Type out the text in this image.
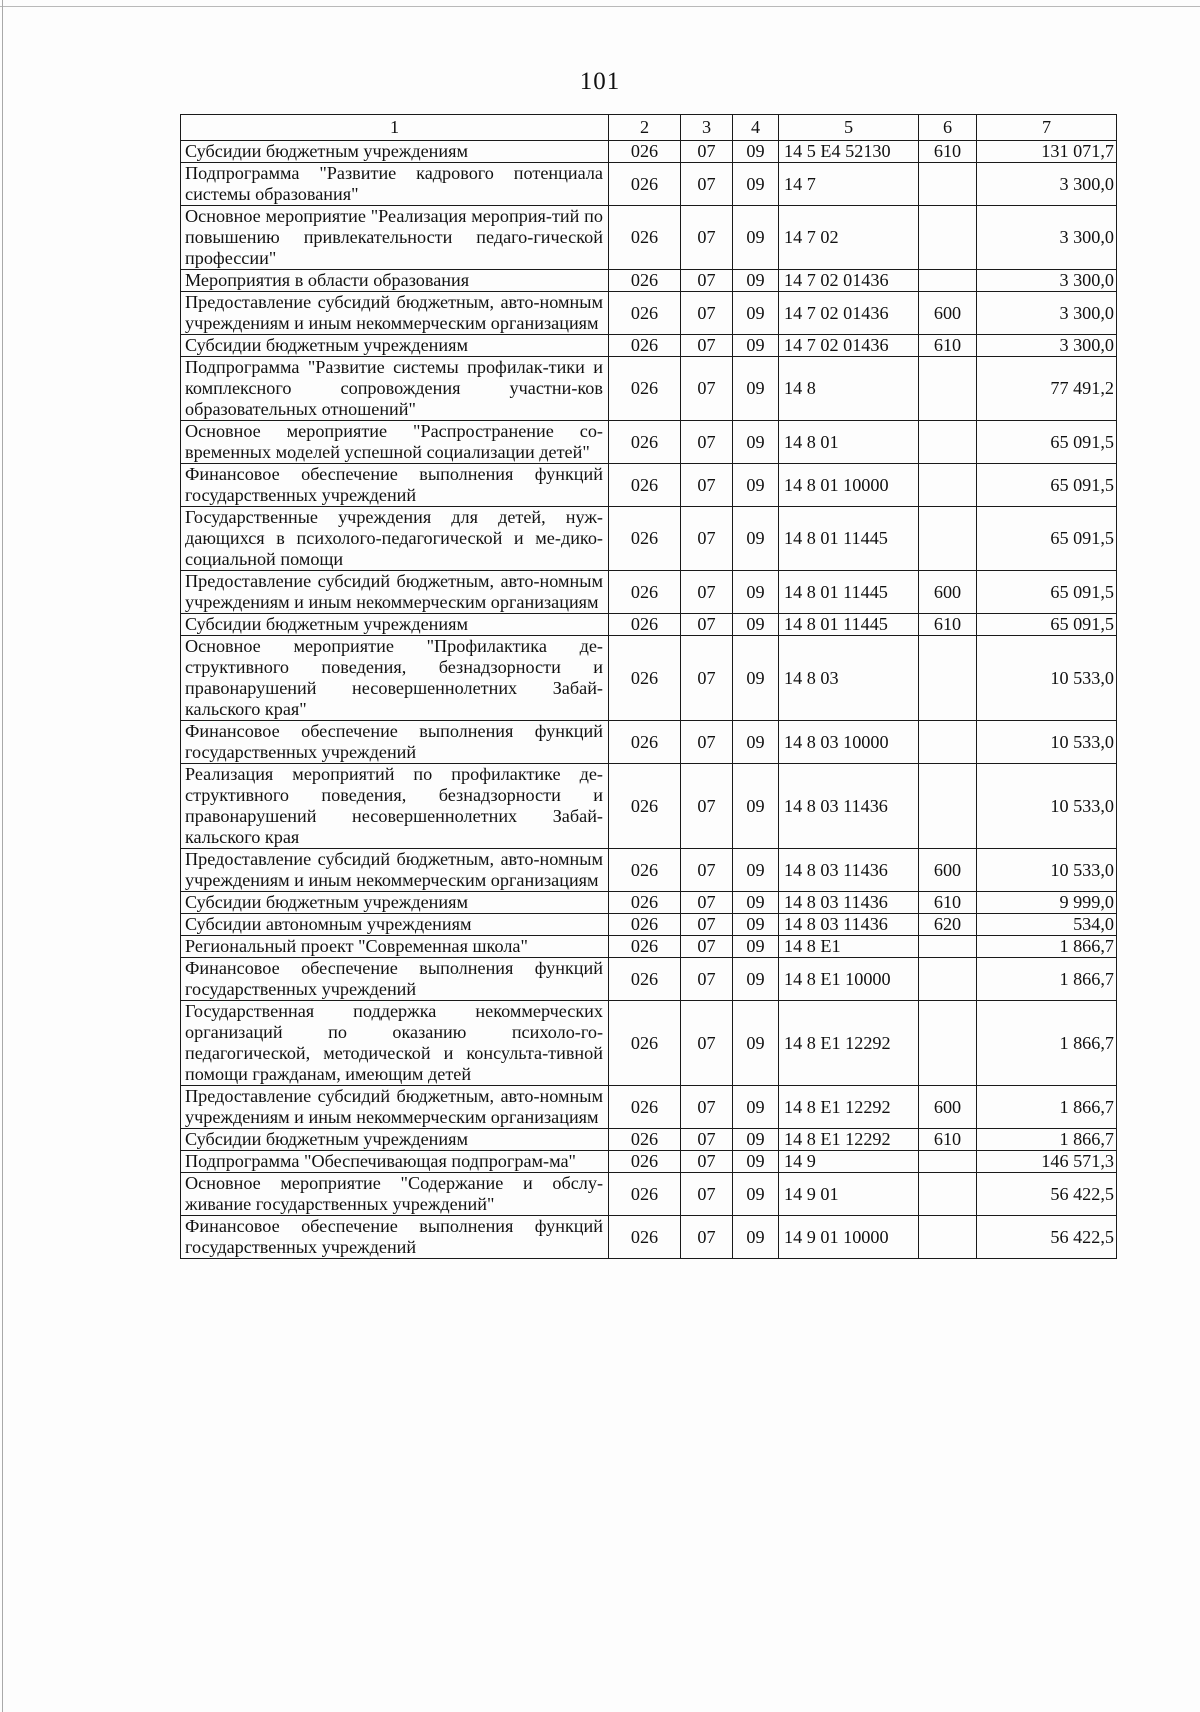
101
1	2	3	4	5	6	7
Субсидии бюджетным учреждениям	026	07	09	14 5 E4 52130	610	131 071,7
Подпрограмма "Развитие кадрового потенциала системы образования"	026	07	09	14 7		3 300,0
Основное мероприятие "Реализация мероприя-тий по повышению привлекательности педаго-гической профессии"	026	07	09	14 7 02		3 300,0
Мероприятия в области образования	026	07	09	14 7 02 01436		3 300,0
Предоставление субсидий бюджетным, авто-номным учреждениям и иным некоммерческим организациям	026	07	09	14 7 02 01436	600	3 300,0
Субсидии бюджетным учреждениям	026	07	09	14 7 02 01436	610	3 300,0
Подпрограмма "Развитие системы профилак-тики и комплексного сопровождения участни-ков образовательных отношений"	026	07	09	14 8		77 491,2
Основное мероприятие "Распространение со-временных моделей успешной социализации детей"	026	07	09	14 8 01		65 091,5
Финансовое обеспечение выполнения функций государственных учреждений	026	07	09	14 8 01 10000		65 091,5
Государственные учреждения для детей, нуж-дающихся в психолого-педагогической и ме-дико-социальной помощи	026	07	09	14 8 01 11445		65 091,5
Предоставление субсидий бюджетным, авто-номным учреждениям и иным некоммерческим организациям	026	07	09	14 8 01 11445	600	65 091,5
Субсидии бюджетным учреждениям	026	07	09	14 8 01 11445	610	65 091,5
Основное мероприятие "Профилактика де-структивного поведения, безнадзорности и правонарушений несовершеннолетних Забай-кальского края"	026	07	09	14 8 03		10 533,0
Финансовое обеспечение выполнения функций государственных учреждений	026	07	09	14 8 03 10000		10 533,0
Реализация мероприятий по профилактике де-структивного поведения, безнадзорности и правонарушений несовершеннолетних Забай-кальского края	026	07	09	14 8 03 11436		10 533,0
Предоставление субсидий бюджетным, авто-номным учреждениям и иным некоммерческим организациям	026	07	09	14 8 03 11436	600	10 533,0
Субсидии бюджетным учреждениям	026	07	09	14 8 03 11436	610	9 999,0
Субсидии автономным учреждениям	026	07	09	14 8 03 11436	620	534,0
Региональный проект "Современная школа"	026	07	09	14 8 E1		1 866,7
Финансовое обеспечение выполнения функций государственных учреждений	026	07	09	14 8 E1 10000		1 866,7
Государственная поддержка некоммерческих организаций по оказанию психоло-го-педагогической, методической и консульта-тивной помощи гражданам, имеющим детей	026	07	09	14 8 E1 12292		1 866,7
Предоставление субсидий бюджетным, авто-номным учреждениям и иным некоммерческим организациям	026	07	09	14 8 E1 12292	600	1 866,7
Субсидии бюджетным учреждениям	026	07	09	14 8 E1 12292	610	1 866,7
Подпрограмма "Обеспечивающая подпрограм-ма"	026	07	09	14 9		146 571,3
Основное мероприятие "Содержание и обслу-живание государственных учреждений"	026	07	09	14 9 01		56 422,5
Финансовое обеспечение выполнения функций государственных учреждений	026	07	09	14 9 01 10000		56 422,5
